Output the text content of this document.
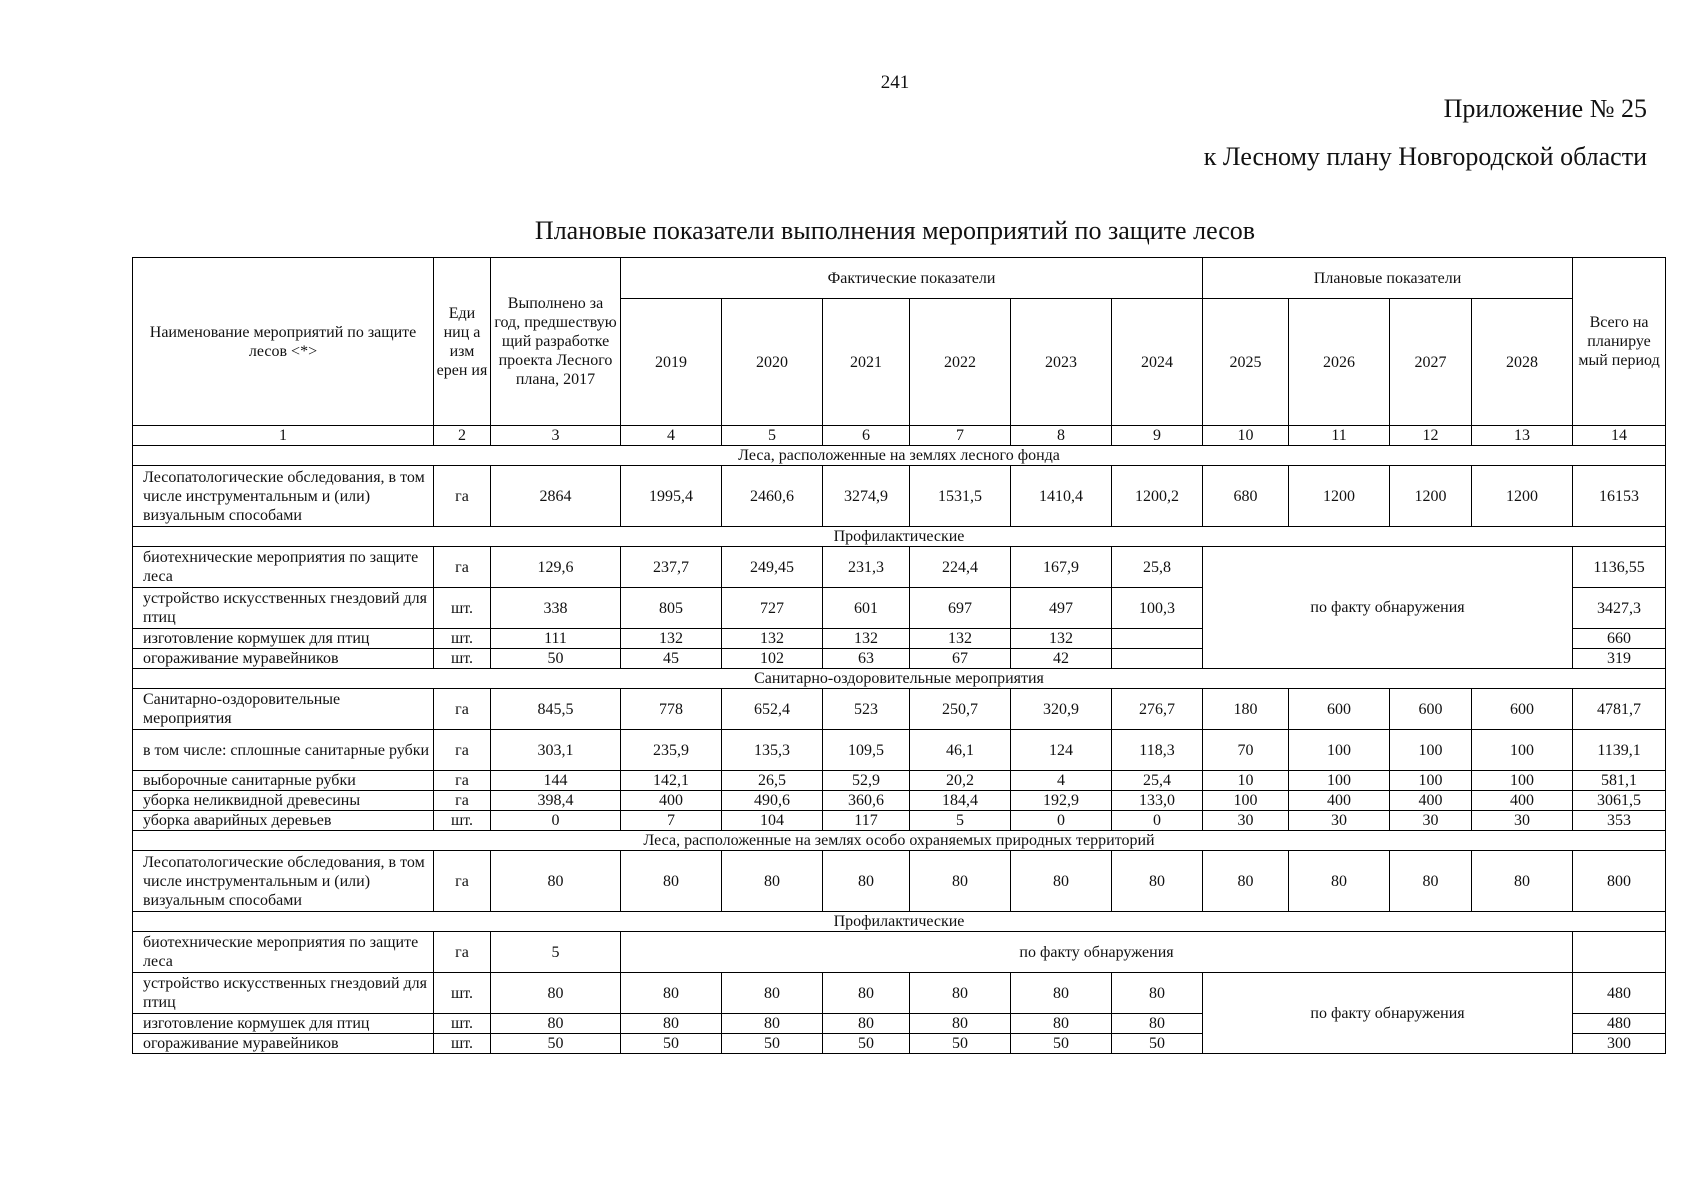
241
Приложение № 25
к Лесному плану Новгородской области
Плановые показатели выполнения мероприятий по защите лесов
Наименование мероприятий по защите лесов <*>	Еди ниц а изм ерен ия	Выполнено за год, предшествую щий разработке проекта Лесного плана, 2017	Фактические показатели						Плановые показатели				Всего на планируе мый период
			2019	2020	2021	2022	2023	2024	2025	2026	2027	2028	
1	2	3	4	5	6	7	8	9	10	11	12	13	14
Леса, расположенные на землях лесного фонда													
Лесопатологические обследования, в том числе инструментальным и (или) визуальным способами	га	2864	1995,4	2460,6	3274,9	1531,5	1410,4	1200,2	680	1200	1200	1200	16153
Профилактические													
биотехнические мероприятия по защите леса	га	129,6	237,7	249,45	231,3	224,4	167,9	25,8	по факту обнаружения				1136,55
устройство искусственных гнездовий для птиц	шт.	338	805	727	601	697	497	100,3					3427,3
изготовление кормушек для птиц	шт.	111	132	132	132	132	132						660
огораживание муравейников	шт.	50	45	102	63	67	42						319
Санитарно-оздоровительные мероприятия													
Санитарно-оздоровительные мероприятия	га	845,5	778	652,4	523	250,7	320,9	276,7	180	600	600	600	4781,7
в том числе: сплошные санитарные рубки	га	303,1	235,9	135,3	109,5	46,1	124	118,3	70	100	100	100	1139,1
выборочные санитарные рубки	га	144	142,1	26,5	52,9	20,2	4	25,4	10	100	100	100	581,1
уборка неликвидной древесины	га	398,4	400	490,6	360,6	184,4	192,9	133,0	100	400	400	400	3061,5
уборка аварийных деревьев	шт.	0	7	104	117	5	0	0	30	30	30	30	353
Леса, расположенные на землях особо охраняемых природных территорий													
Лесопатологические обследования, в том числе инструментальным и (или) визуальным способами	га	80	80	80	80	80	80	80	80	80	80	80	800
Профилактические													
биотехнические мероприятия по защите леса	га	5	по факту обнаружения										
устройство искусственных гнездовий для птиц	шт.	80	80	80	80	80	80	80	по факту обнаружения				480
изготовление кормушек для птиц	шт.	80	80	80	80	80	80	80					480
огораживание муравейников	шт.	50	50	50	50	50	50	50					300
